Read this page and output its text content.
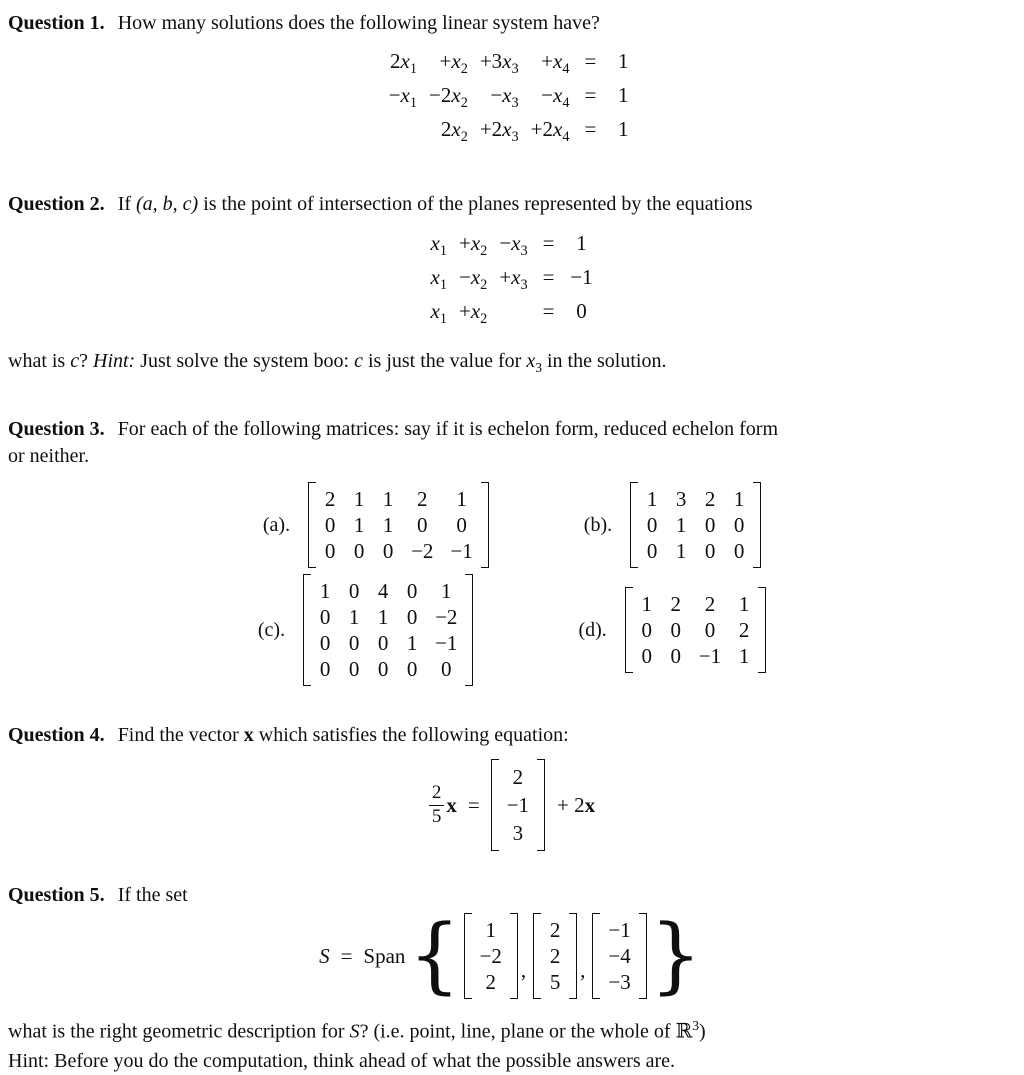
Question 1. How many solutions does the following linear system have?
$2x_1$	$+x_2 +3x_3$	$+x_4$ =	1
$-x_1 -2x_2$	$-x_3$	$-x_4$ =	1
$2x_2 +2x_3 +2x_4$ =	1
Question 2. If (a, b, c) is the point of intersection of the planes represented by the equations
$x_1 +x_2 -x_3$ =	1
$x_1 -x_2 +x_3 = -1$
$x_1 +x_2$	=	0
what is c? Hint: Just solve the system boo: c is just the value for $x_3$ in the solution.
Question 3. For each of the following matrices: say if it is echelon form, reduced echelon form
or neither.
(a).
2 1 1 2 1
0 1 1 0 0
0 0 0 −2 −1
(b).
1 3 2 1
0 1 0 0
0 1 0 0
(c).
1 0 4 0 1
0 1 1 0 −2
0 0 0 1 −1
0 0 0 0 0
(d).
1 2 2 1
0 0 0 2
0 0 −1 1
Question 4. Find the vector x which satisfies the following equation:
$\frac{2}{5}$ x =
2
−1
3
+ 2 x
Question 5. If the set
S = Span { 1
−2
2 ,
2
2
5 ,
−1
−4
−3 }
what is the right geometric description for S? (i.e. point, line, plane or the whole of ℝ$^3$)
Hint: Before you do the computation, think ahead of what the possible answers are.
